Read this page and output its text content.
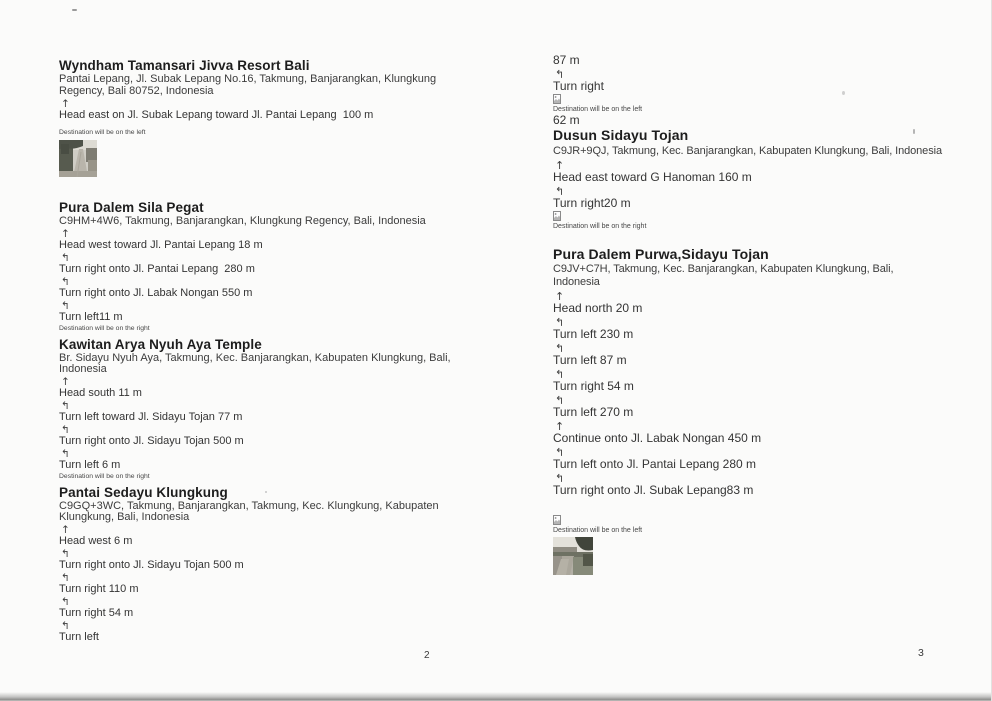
Wyndham Tamansari Jivva Resort Bali
Pantai Lepang, Jl. Subak Lepang No.16, Takmung, Banjarangkan, Klungkung
Regency, Bali 80752, Indonesia
↑
Head east on Jl. Subak Lepang toward Jl. Pantai Lepang  100 m
Destination will be on the left
Pura Dalem Sila Pegat
C9HM+4W6, Takmung, Banjarangkan, Klungkung Regency, Bali, Indonesia
↑
Head west toward Jl. Pantai Lepang 18 m
↰
Turn right onto Jl. Pantai Lepang  280 m
↰
Turn right onto Jl. Labak Nongan 550 m
↰
Turn left11 m
Destination will be on the right
Kawitan Arya Nyuh Aya Temple
Br. Sidayu Nyuh Aya, Takmung, Kec. Banjarangkan, Kabupaten Klungkung, Bali,
Indonesia
↑
Head south 11 m
↰
Turn left toward Jl. Sidayu Tojan 77 m
↰
Turn right onto Jl. Sidayu Tojan 500 m
↰
Turn left 6 m
Destination will be on the right
Pantai Sedayu Klungkung
C9GQ+3WC, Takmung, Banjarangkan, Takmung, Kec. Klungkung, Kabupaten
Klungkung, Bali, Indonesia
↑
Head west 6 m
↰
Turn right onto Jl. Sidayu Tojan 500 m
↰
Turn right 110 m
↰
Turn right 54 m
↰
Turn left
87 m
↰
Turn right
Destination will be on the left
62 m
Dusun Sidayu Tojan
C9JR+9QJ, Takmung, Kec. Banjarangkan, Kabupaten Klungkung, Bali, Indonesia
↑
Head east toward G Hanoman 160 m
↰
Turn right20 m
Destination will be on the right
Pura Dalem Purwa,Sidayu Tojan
C9JV+C7H, Takmung, Kec. Banjarangkan, Kabupaten Klungkung, Bali,
Indonesia
↑
Head north 20 m
↰
Turn left 230 m
↰
Turn left 87 m
↰
Turn right 54 m
↰
Turn left 270 m
↑
Continue onto Jl. Labak Nongan 450 m
↰
Turn left onto Jl. Pantai Lepang 280 m
↰
Turn right onto Jl. Subak Lepang83 m
Destination will be on the left
2	3
